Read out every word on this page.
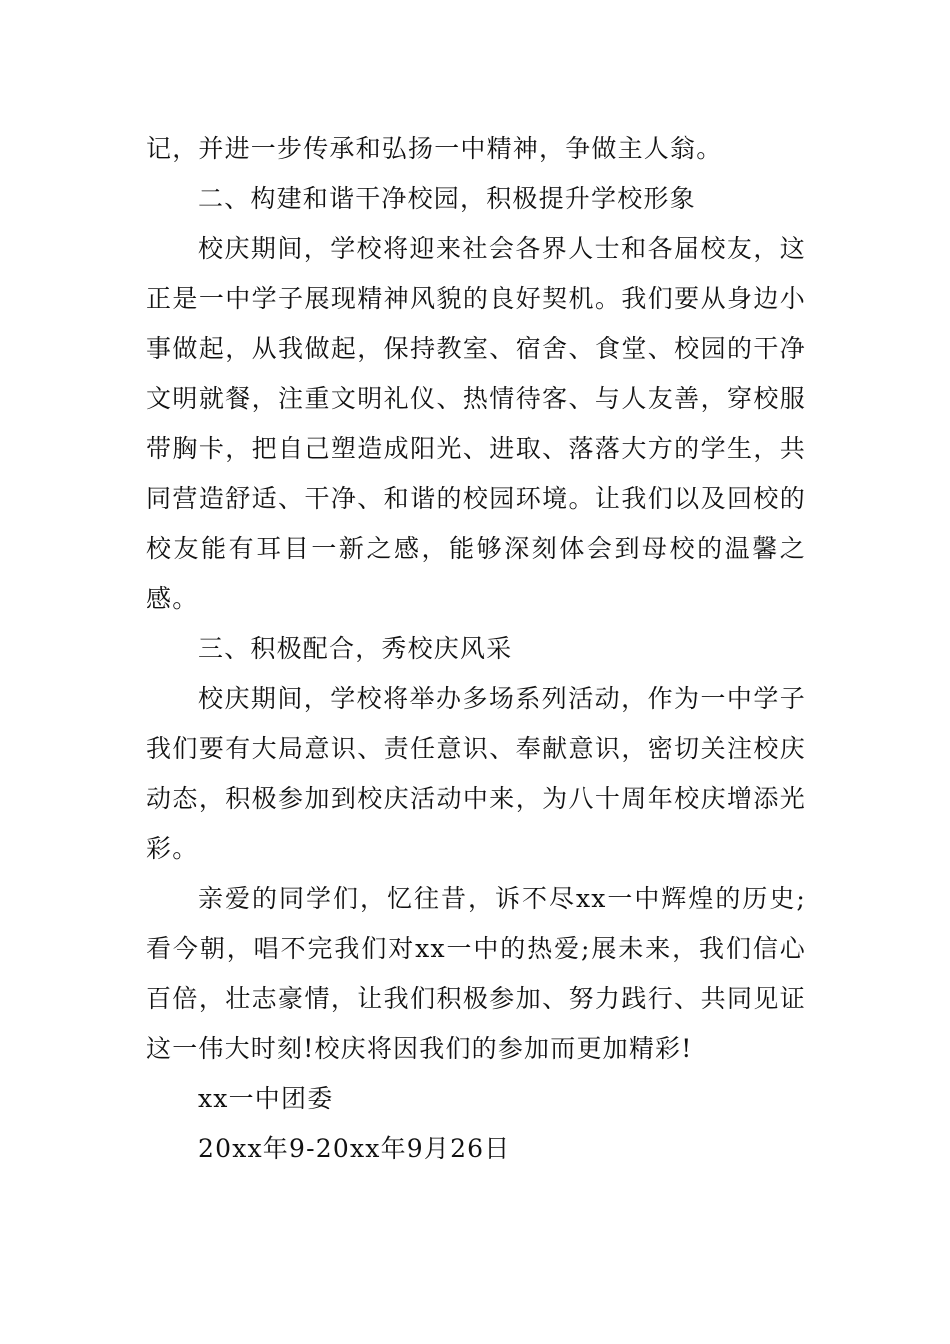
记，并进一步传承和弘扬一中精神，争做主人翁。

二、构建和谐干净校园，积极提升学校形象

校庆期间，学校将迎来社会各界人士和各届校友，这正是一中学子展现精神风貌的良好契机。我们要从身边小事做起，从我做起，保持教室、宿舍、食堂、校园的干净文明就餐，注重文明礼仪、热情待客、与人友善，穿校服带胸卡，把自己塑造成阳光、进取、落落大方的学生，共同营造舒适、干净、和谐的校园环境。让我们以及回校的校友能有耳目一新之感，能够深刻体会到母校的温馨之感。

三、积极配合，秀校庆风采

校庆期间，学校将举办多场系列活动，作为一中学子我们要有大局意识、责任意识、奉献意识，密切关注校庆动态，积极参加到校庆活动中来，为八十周年校庆增添光彩。

亲爱的同学们，忆往昔，诉不尽xx一中辉煌的历史;看今朝，唱不完我们对xx一中的热爱;展未来，我们信心百倍，壮志豪情，让我们积极参加、努力践行、共同见证这一伟大时刻!校庆将因我们的参加而更加精彩!

xx一中团委

20xx年9-20xx年9月26日
